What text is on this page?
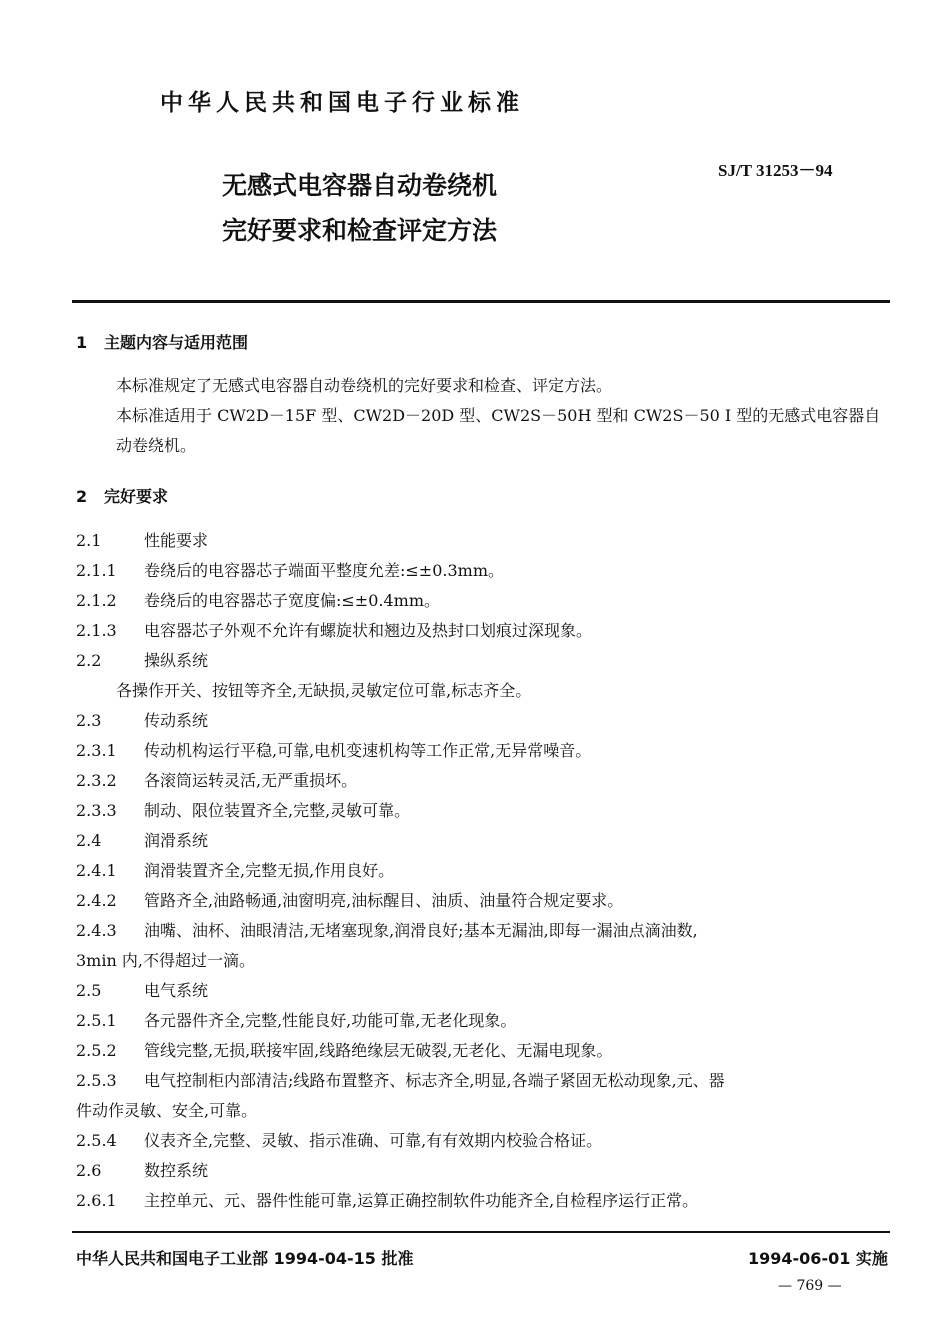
中华人民共和国电子行业标准
SJ/T 31253－94
无感式电容器自动卷绕机
完好要求和检查评定方法
1 主题内容与适用范围
本标准规定了无感式电容器自动卷绕机的完好要求和检查、评定方法。
本标准适用于 CW2D－15F 型、CW2D－20D 型、CW2S－50H 型和 CW2S－50 I 型的无感式电容器自动卷绕机。
2 完好要求
2.1	性能要求
2.1.1 卷绕后的电容器芯子端面平整度允差:≤±0.3mm。
2.1.2 卷绕后的电容器芯子宽度偏:≤±0.4mm。
2.1.3 电容器芯子外观不允许有螺旋状和翘边及热封口划痕过深现象。
2.2	操纵系统
各操作开关、按钮等齐全,无缺损,灵敏定位可靠,标志齐全。
2.3	传动系统
2.3.1 传动机构运行平稳,可靠,电机变速机构等工作正常,无异常噪音。
2.3.2 各滚筒运转灵活,无严重损坏。
2.3.3 制动、限位装置齐全,完整,灵敏可靠。
2.4	润滑系统
2.4.1 润滑装置齐全,完整无损,作用良好。
2.4.2 管路齐全,油路畅通,油窗明亮,油标醒目、油质、油量符合规定要求。
2.4.3 油嘴、油杯、油眼清洁,无堵塞现象,润滑良好;基本无漏油,即每一漏油点滴油数,
3min 内,不得超过一滴。
2.5	电气系统
2.5.1 各元器件齐全,完整,性能良好,功能可靠,无老化现象。
2.5.2 管线完整,无损,联接牢固,线路绝缘层无破裂,无老化、无漏电现象。
2.5.3 电气控制柜内部清洁;线路布置整齐、标志齐全,明显,各端子紧固无松动现象,元、器
件动作灵敏、安全,可靠。
2.5.4 仪表齐全,完整、灵敏、指示准确、可靠,有有效期内校验合格证。
2.6	数控系统
2.6.1 主控单元、元、器件性能可靠,运算正确控制软件功能齐全,自检程序运行正常。
中华人民共和国电子工业部 1994-04-15 批准	1994-06-01 实施
— 769 —
